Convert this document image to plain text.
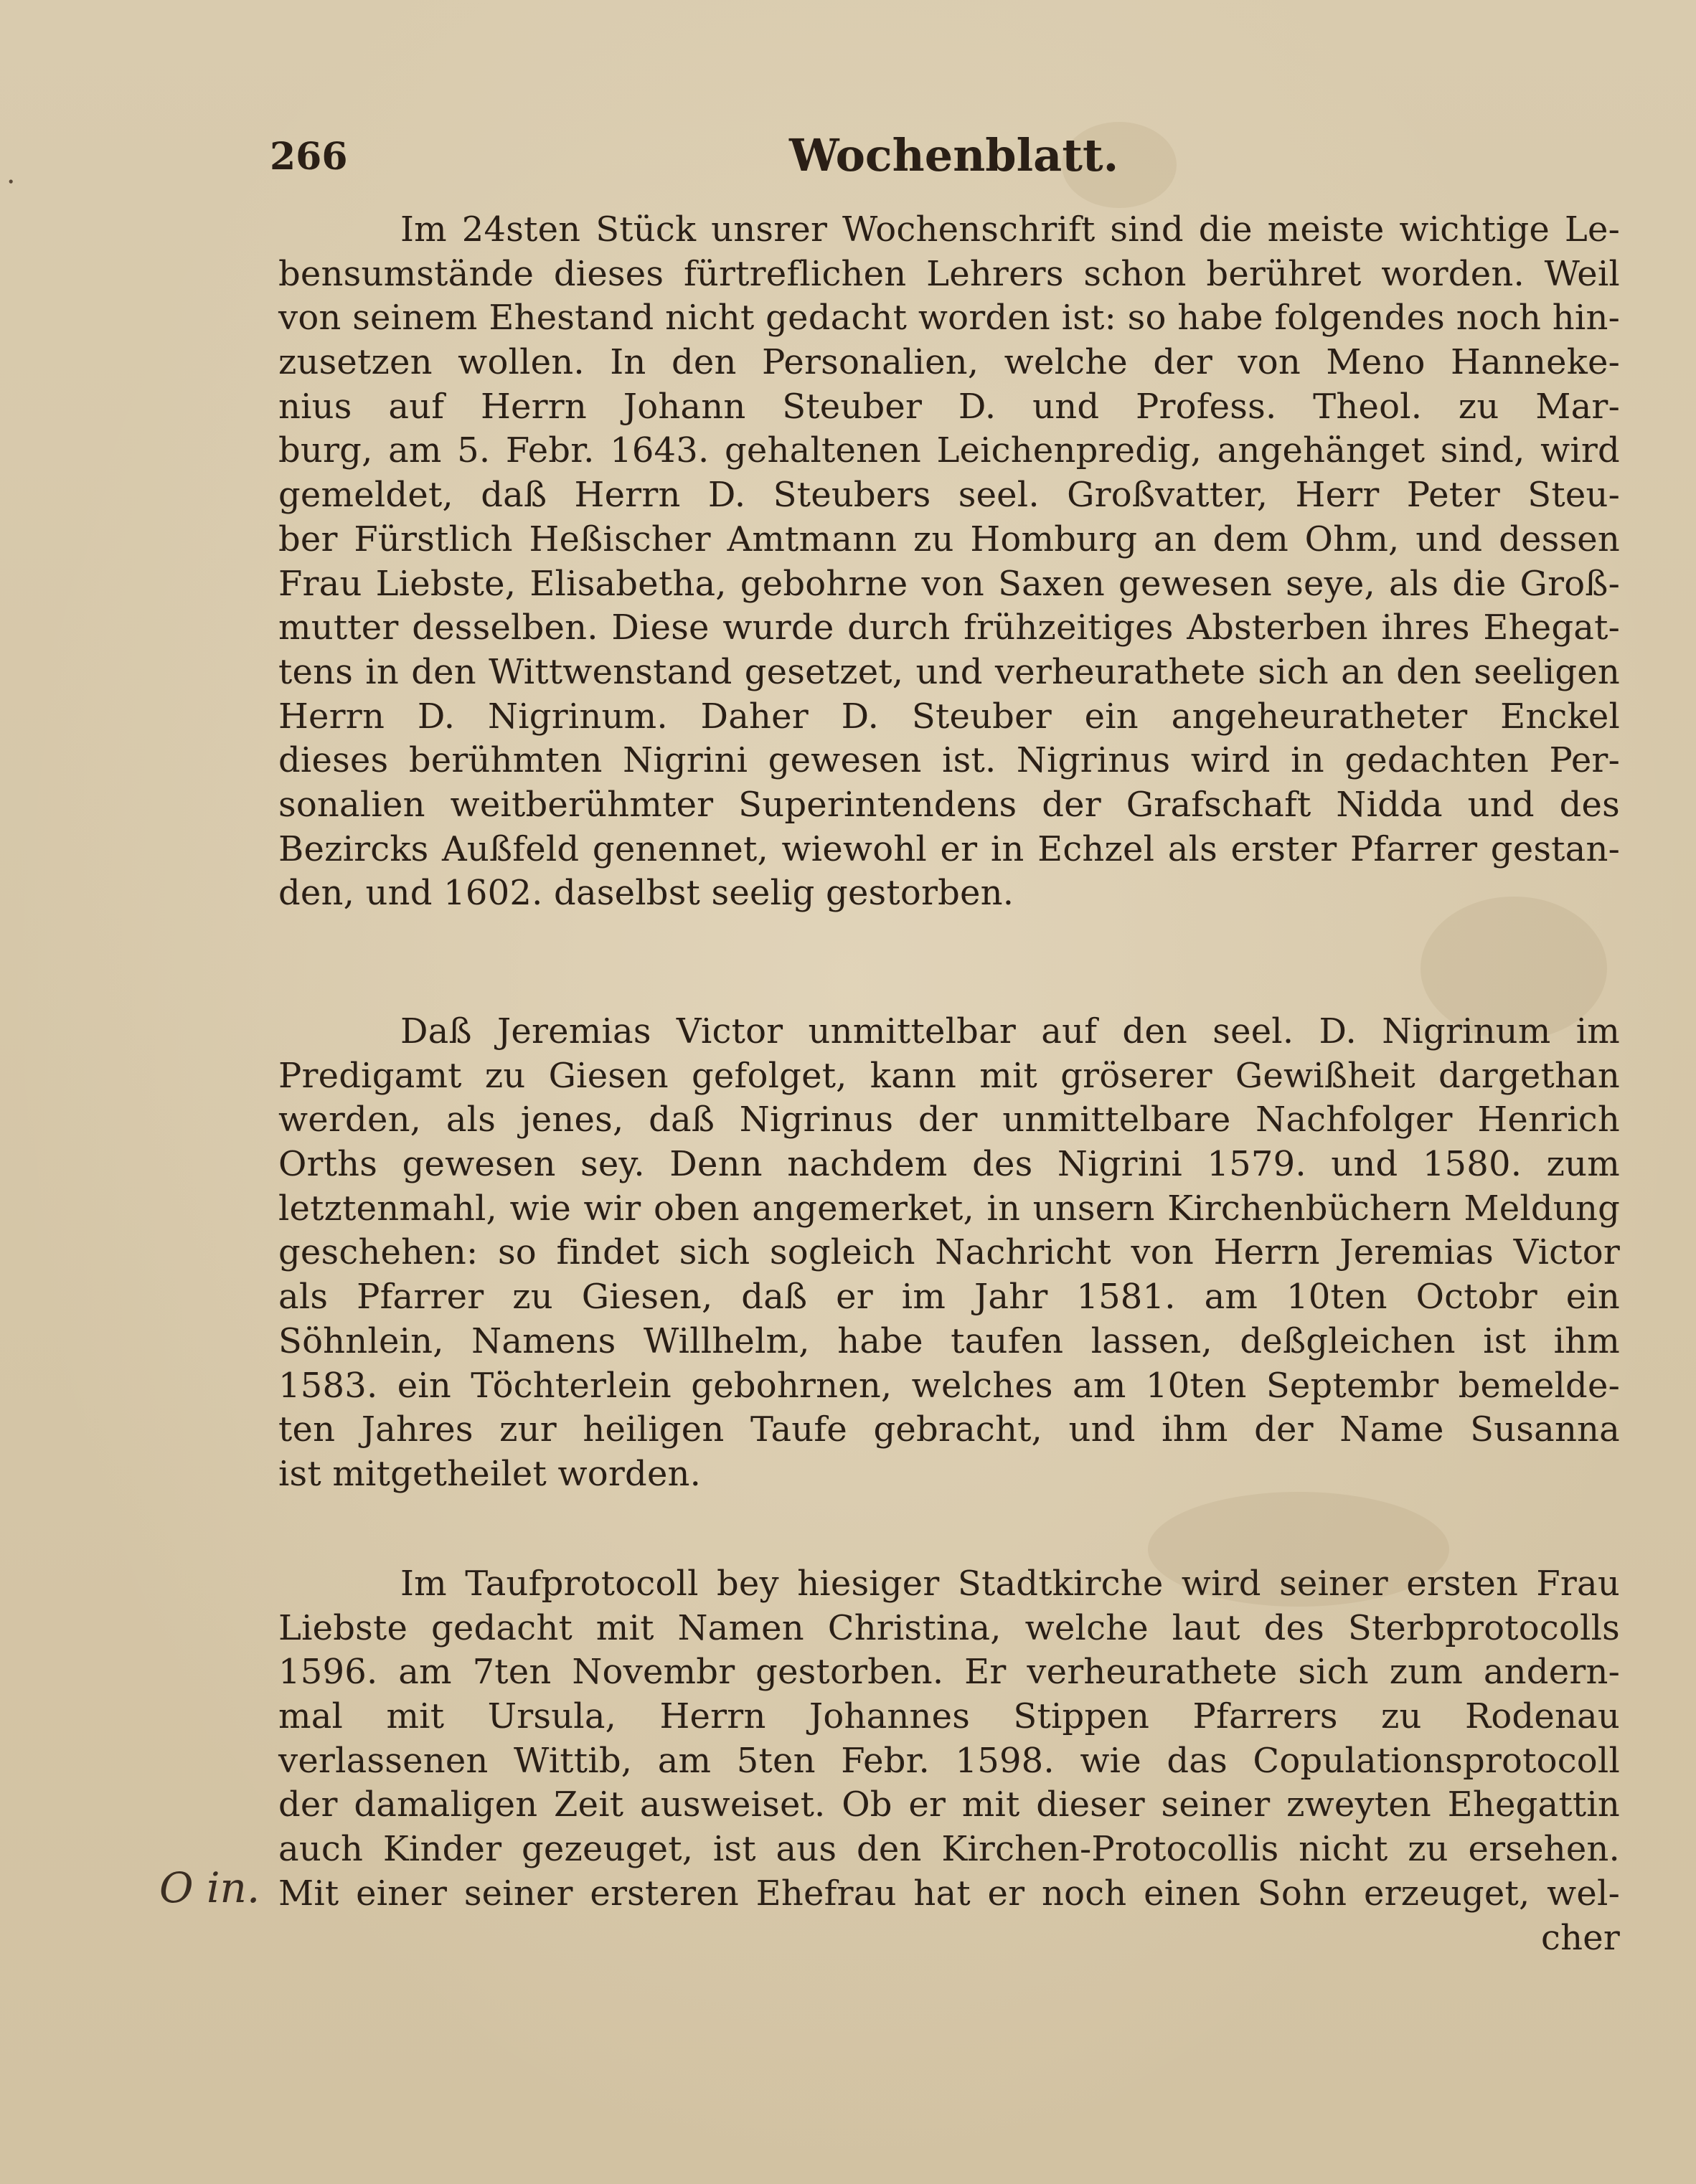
ॱ
266	Wochenblatt.
Im 24sten Stück unsrer Wochenschrift sind die meiste wichtige Le-
bensumstände dieses fürtreflichen Lehrers schon berühret worden. Weil
von seinem Ehestand nicht gedacht worden ist: so habe folgendes noch hin-
zusetzen wollen. In den Personalien, welche der von Meno Hanneke-
nius auf Herrn Johann Steuber D. und Profess. Theol. zu Mar-
burg, am 5. Febr. 1643. gehaltenen Leichenpredig, angehänget sind, wird
gemeldet, daß Herrn D. Steubers seel. Großvatter, Herr Peter Steu-
ber Fürstlich Heßischer Amtmann zu Homburg an dem Ohm, und dessen
Frau Liebste, Elisabetha, gebohrne von Saxen gewesen seye, als die Groß-
mutter desselben. Diese wurde durch frühzeitiges Absterben ihres Ehegat-
tens in den Wittwenstand gesetzet, und verheurathete sich an den seeligen
Herrn D. Nigrinum. Daher D. Steuber ein angeheuratheter Enckel
dieses berühmten Nigrini gewesen ist. Nigrinus wird in gedachten Per-
sonalien weitberühmter Superintendens der Grafschaft Nidda und des
Bezircks Außfeld genennet, wiewohl er in Echzel als erster Pfarrer gestan-
den, und 1602. daselbst seelig gestorben.
Daß Jeremias Victor unmittelbar auf den seel. D. Nigrinum im
Predigamt zu Giesen gefolget, kann mit gröserer Gewißheit dargethan
werden, als jenes, daß Nigrinus der unmittelbare Nachfolger Henrich
Orths gewesen sey. Denn nachdem des Nigrini 1579. und 1580. zum
letztenmahl, wie wir oben angemerket, in unsern Kirchenbüchern Meldung
geschehen: so findet sich sogleich Nachricht von Herrn Jeremias Victor
als Pfarrer zu Giesen, daß er im Jahr 1581. am 10ten Octobr ein
Söhnlein, Namens Willhelm, habe taufen lassen, deßgleichen ist ihm
1583. ein Töchterlein gebohrnen, welches am 10ten Septembr bemelde-
ten Jahres zur heiligen Taufe gebracht, und ihm der Name Susanna
ist mitgetheilet worden.
Im Taufprotocoll bey hiesiger Stadtkirche wird seiner ersten Frau
Liebste gedacht mit Namen Christina, welche laut des Sterbprotocolls
1596. am 7ten Novembr gestorben. Er verheurathete sich zum andern-
mal mit Ursula, Herrn Johannes Stippen Pfarrers zu Rodenau
verlassenen Wittib, am 5ten Febr. 1598. wie das Copulationsprotocoll
der damaligen Zeit ausweiset. Ob er mit dieser seiner zweyten Ehegattin
auch Kinder gezeuget, ist aus den Kirchen-Protocollis nicht zu ersehen.
Mit einer seiner ersteren Ehefrau hat er noch einen Sohn erzeuget, wel-
cher
O in.
